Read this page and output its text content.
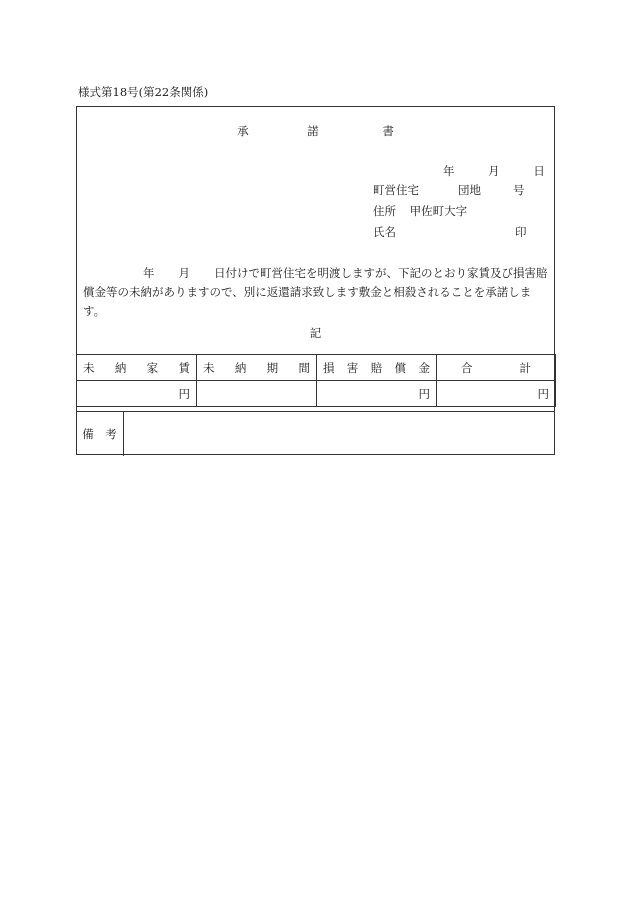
様式第18号(第22条関係)
承	諾	書
年	月	日
町営住宅	団地	号
住所 甲佐町大字
氏名	印
年 月 日付けで町営住宅を明渡しますが、下記のとおり家賃及び損害賠償金等の未納がありますので、別に返還請求致します敷金と相殺されることを承諾します。
記
未 納 家 賃	未 納 期 間	損 害 賠 償 金	合 計

円		円	円
備　考
